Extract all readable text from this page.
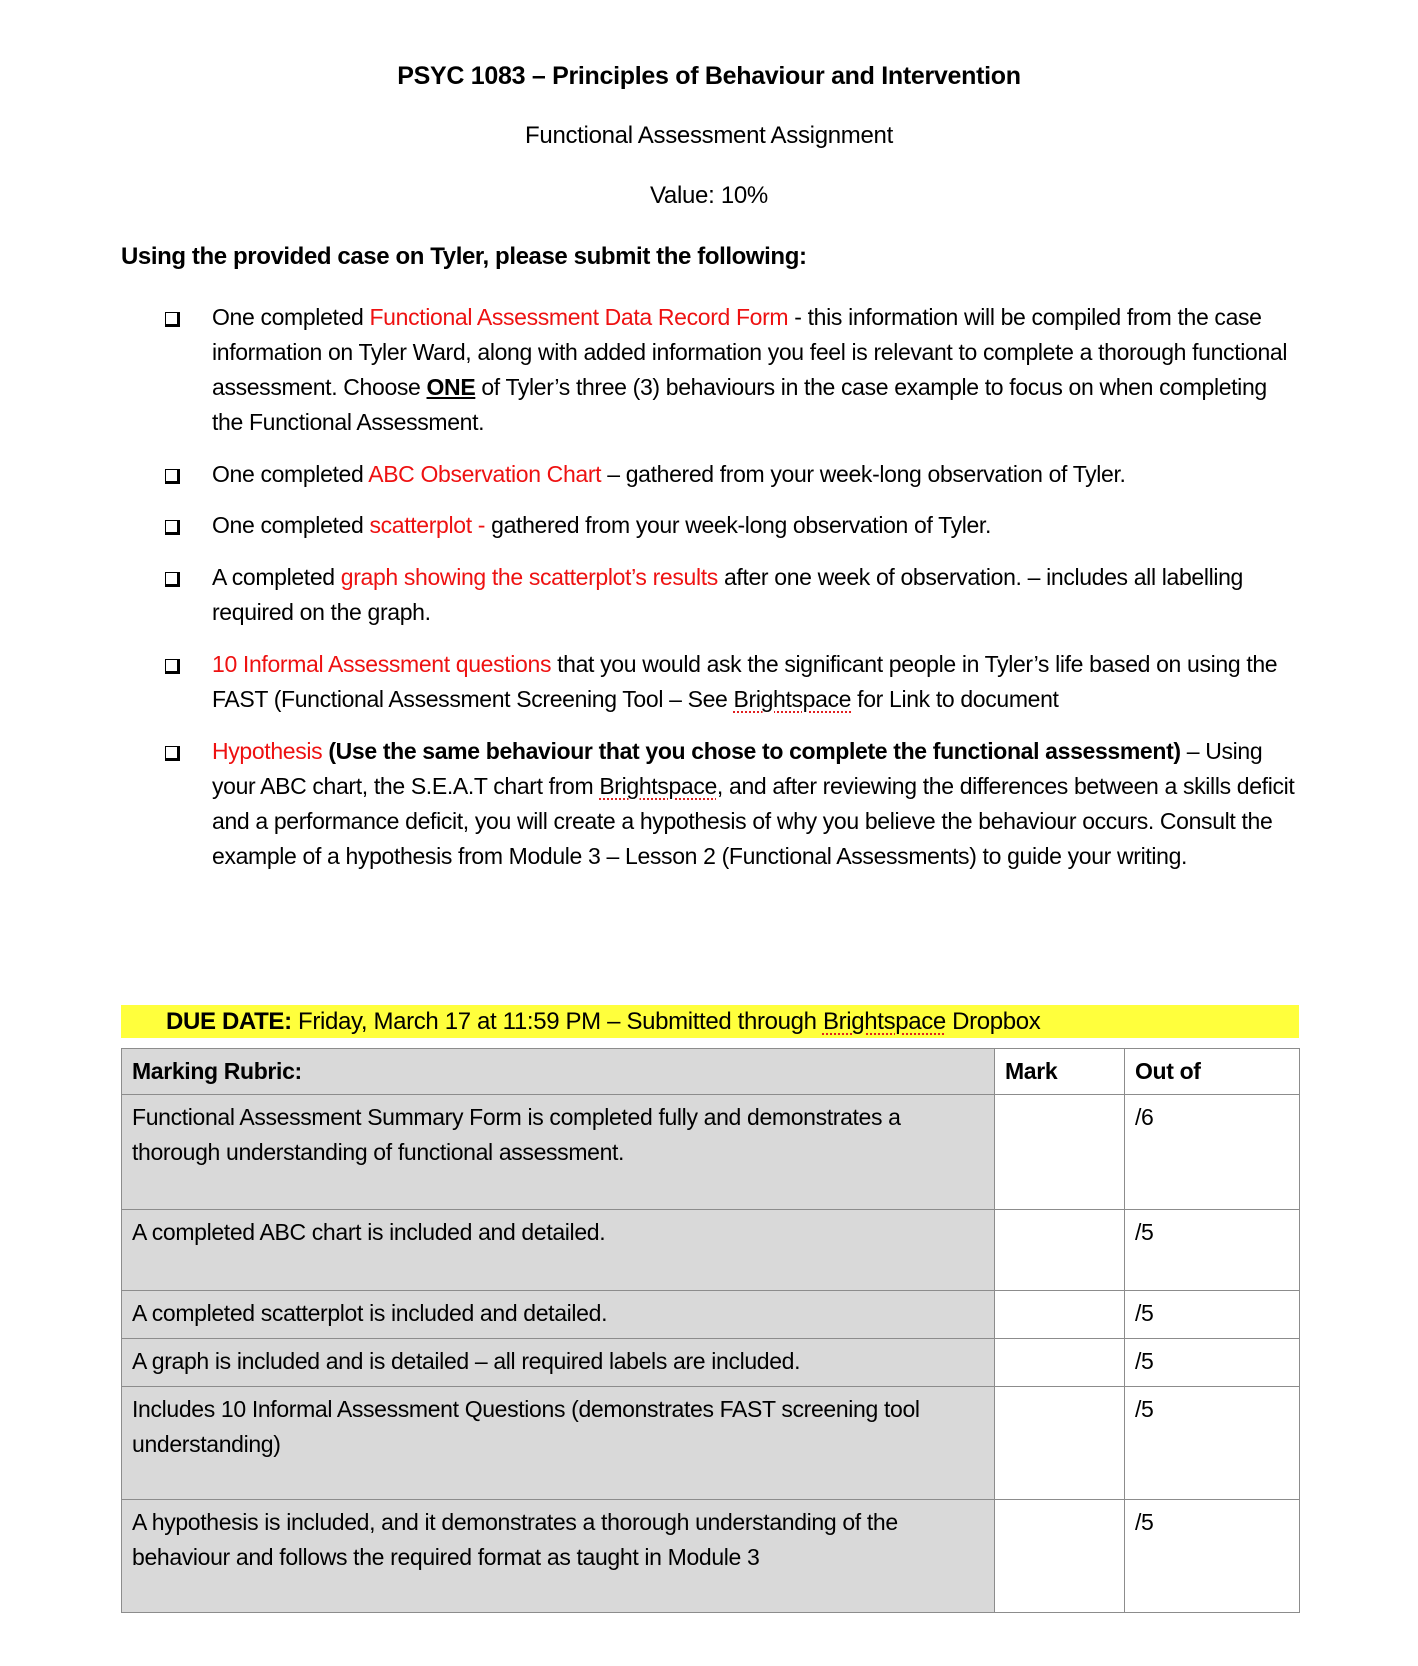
PSYC 1083 – Principles of Behaviour and Intervention
Functional Assessment Assignment
Value: 10%
Using the provided case on Tyler, please submit the following:
One completed Functional Assessment Data Record Form - this information will be compiled from the case information on Tyler Ward, along with added information you feel is relevant to complete a thorough functional assessment. Choose ONE of Tyler’s three (3) behaviours in the case example to focus on when completing the Functional Assessment.
One completed ABC Observation Chart – gathered from your week-long observation of Tyler.
One completed scatterplot - gathered from your week-long observation of Tyler.
A completed graph showing the scatterplot’s results after one week of observation. – includes all labelling required on the graph.
10 Informal Assessment questions that you would ask the significant people in Tyler’s life based on using the FAST (Functional Assessment Screening Tool – See Brightspace for Link to document
Hypothesis (Use the same behaviour that you chose to complete the functional assessment) – Using your ABC chart, the S.E.A.T chart from Brightspace, and after reviewing the differences between a skills deficit and a performance deficit, you will create a hypothesis of why you believe the behaviour occurs. Consult the example of a hypothesis from Module 3 – Lesson 2 (Functional Assessments) to guide your writing.
DUE DATE: Friday, March 17 at 11:59 PM – Submitted through Brightspace Dropbox
Marking Rubric:	Mark	Out of
Functional Assessment Summary Form is completed fully and demonstrates a thorough understanding of functional assessment.		/6
A completed ABC chart is included and detailed.		/5
A completed scatterplot is included and detailed.		/5
A graph is included and is detailed – all required labels are included.		/5
Includes 10 Informal Assessment Questions (demonstrates FAST screening tool understanding)		/5
A hypothesis is included, and it demonstrates a thorough understanding of the behaviour and follows the required format as taught in Module 3		/5
